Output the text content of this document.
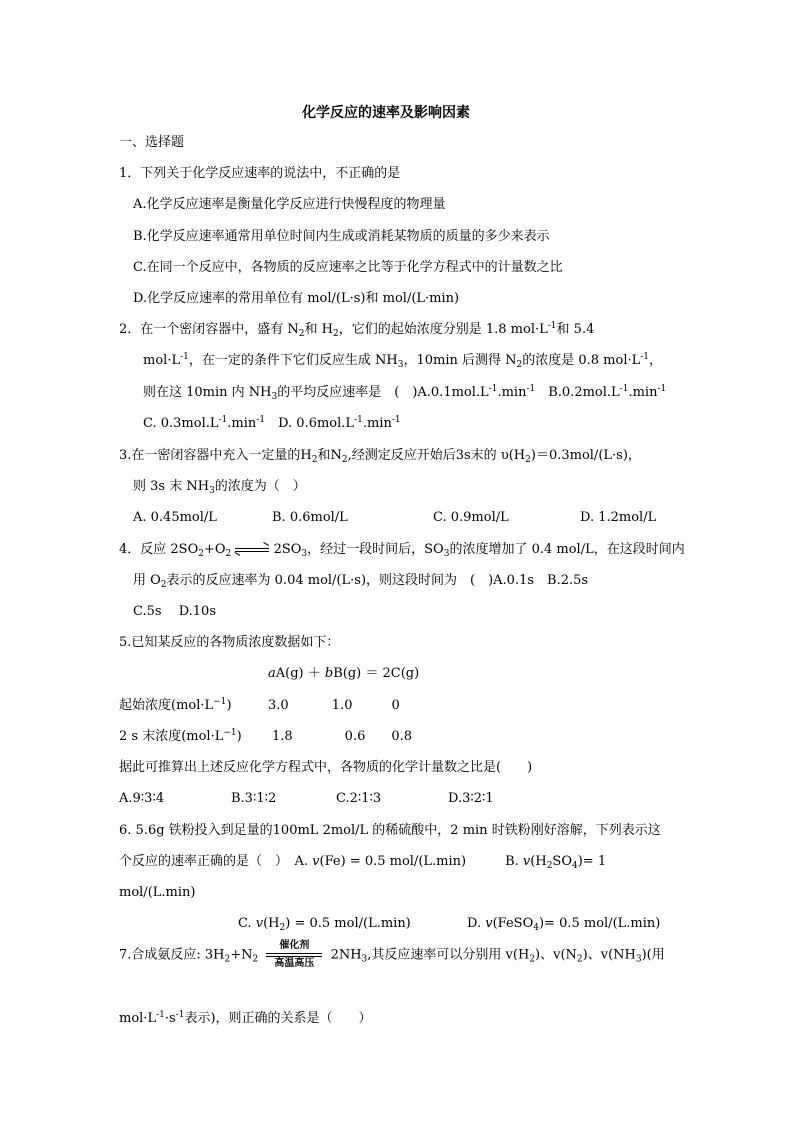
化学反应的速率及影响因素
一、选择题
1．下列关于化学反应速率的说法中，不正确的是
A.化学反应速率是衡量化学反应进行快慢程度的物理量
B.化学反应速率通常用单位时间内生成或消耗某物质的质量的多少来表示
C.在同一个反应中，各物质的反应速率之比等于化学方程式中的计量数之比
D.化学反应速率的常用单位有 mol/(L·s)和 mol/(L·min)
2．在一个密闭容器中，盛有 $N_2$和 $H_2$，它们的起始浓度分别是 1.8 $mol\cdot L^{-1}$和 5.4
$mol\cdot L^{-1}$，在一定的条件下它们反应生成 $NH_3$，10min 后测得 $N_2$的浓度是 0.8 $mol\cdot L^{-1}$，
则在这 10min 内 $NH_3$的平均反应速率是　(　)$A.0.1mol.L^{-1}.\min^{-1}$　$B.0.2mol.L^{-1}.\min^{-1}$
C. $0.3mol.L^{-1}.\min^{-1}$　D. $0.6mol.L^{-1}.\min^{-1}$
3.在一密闭容器中充入一定量的$H_2$和$N_2$,经测定反应开始后3s末的 $\upsilon(H_2)=0.3mol/(L\cdot s)$，
则 3s 末 $NH_3$的浓度为（　）
A. 0.45mol/L	B. 0.6mol/L	C. 0.9mol/L	D. 1.2mol/L
4．反应 $2SO_2+O_2$	$2SO_3$，经过一段时间后，$SO_3$的浓度增加了 0.4 mol/L，在这段时间内
用 $O_2$表示的反应速率为 0.04 mol/(L·s)，则这段时间为　(　)A.0.1s　B.2.5s
C.5s　 D.10s
5.已知某反应的各物质浓度数据如下：
aA(g) ＋ bB(g) ＝ 2C(g)
起始浓度$(mol\cdot L^{-1})$	3.0　　　 1.0　　　0
2 s 末浓度$(mol\cdot L^{-1})$ 1.8　　　　0.6　　0.8
据此可推算出上述反应化学方程式中，各物质的化学计量数之比是(　　)
A.9∶3∶4	B.3∶1∶2	C.2∶1∶3	D.3∶2∶1
6. 5.6g 铁粉投入到足量的100mL 2mol/L 的稀硫酸中，2 min 时铁粉刚好溶解，下列表示这
个反应的速率正确的是（　）　A. v(Fe) = 0.5 mol/(L.min)　　　B. $v(H_2SO_4)= 1$
mol/(L.min)
C. $v(H_2) = 0.5$ mol/(L.min)	D. v(FeSO$_4$)= 0.5 mol/(L.min)
7.合成氨反应: $3H_2+N_2$
催化剂
高温高压
$2NH_3$,其反应速率可以分别用 $v(H_2)$、$v(N_2)$、$v(NH_3)$(用
$mol\cdot L^{-1}\cdot s^{-1}$表示)，则正确的关系是（　　）
